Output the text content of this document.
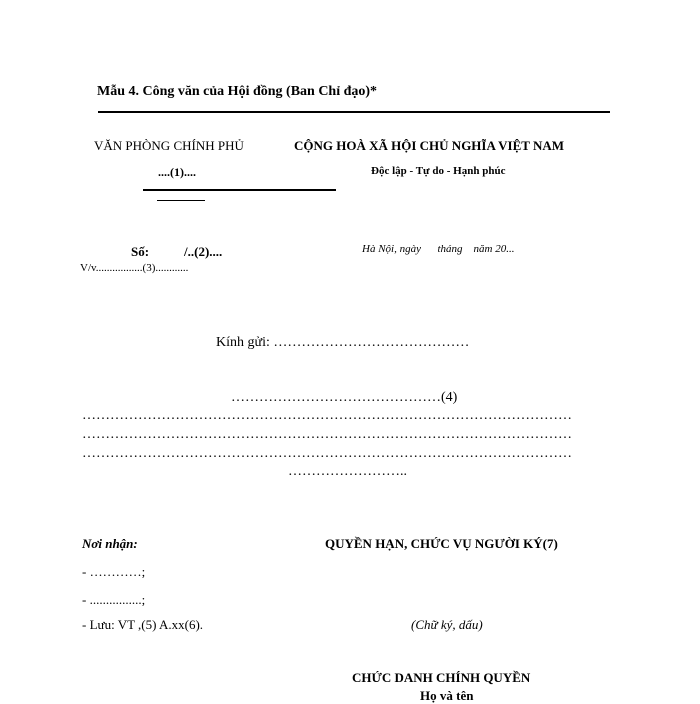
Mẫu 4. Công văn của Hội đồng (Ban Chỉ đạo)*
VĂN PHÒNG CHÍNH PHỦ
....(1)....
CỘNG HOÀ XÃ HỘI CHỦ NGHĨA VIỆT NAM
Độc lập - Tự do - Hạnh phúc
Số:	/..(2)....
V/v.................(3)............
Hà Nội, ngày      tháng    năm 20...
Kính gửi: ……………………………………
………………………………………(4)
……………………………………………………………………………………………
……………………………………………………………………………………………
……………………………………………………………………………………………
……………………..
Nơi nhận:
- …………;
- ................;
- Lưu: VT ,(5) A.xx(6).
QUYỀN HẠN, CHỨC VỤ NGƯỜI KÝ(7)
(Chữ ký, dấu)
CHỨC DANH CHÍNH QUYỀN
Họ và tên
